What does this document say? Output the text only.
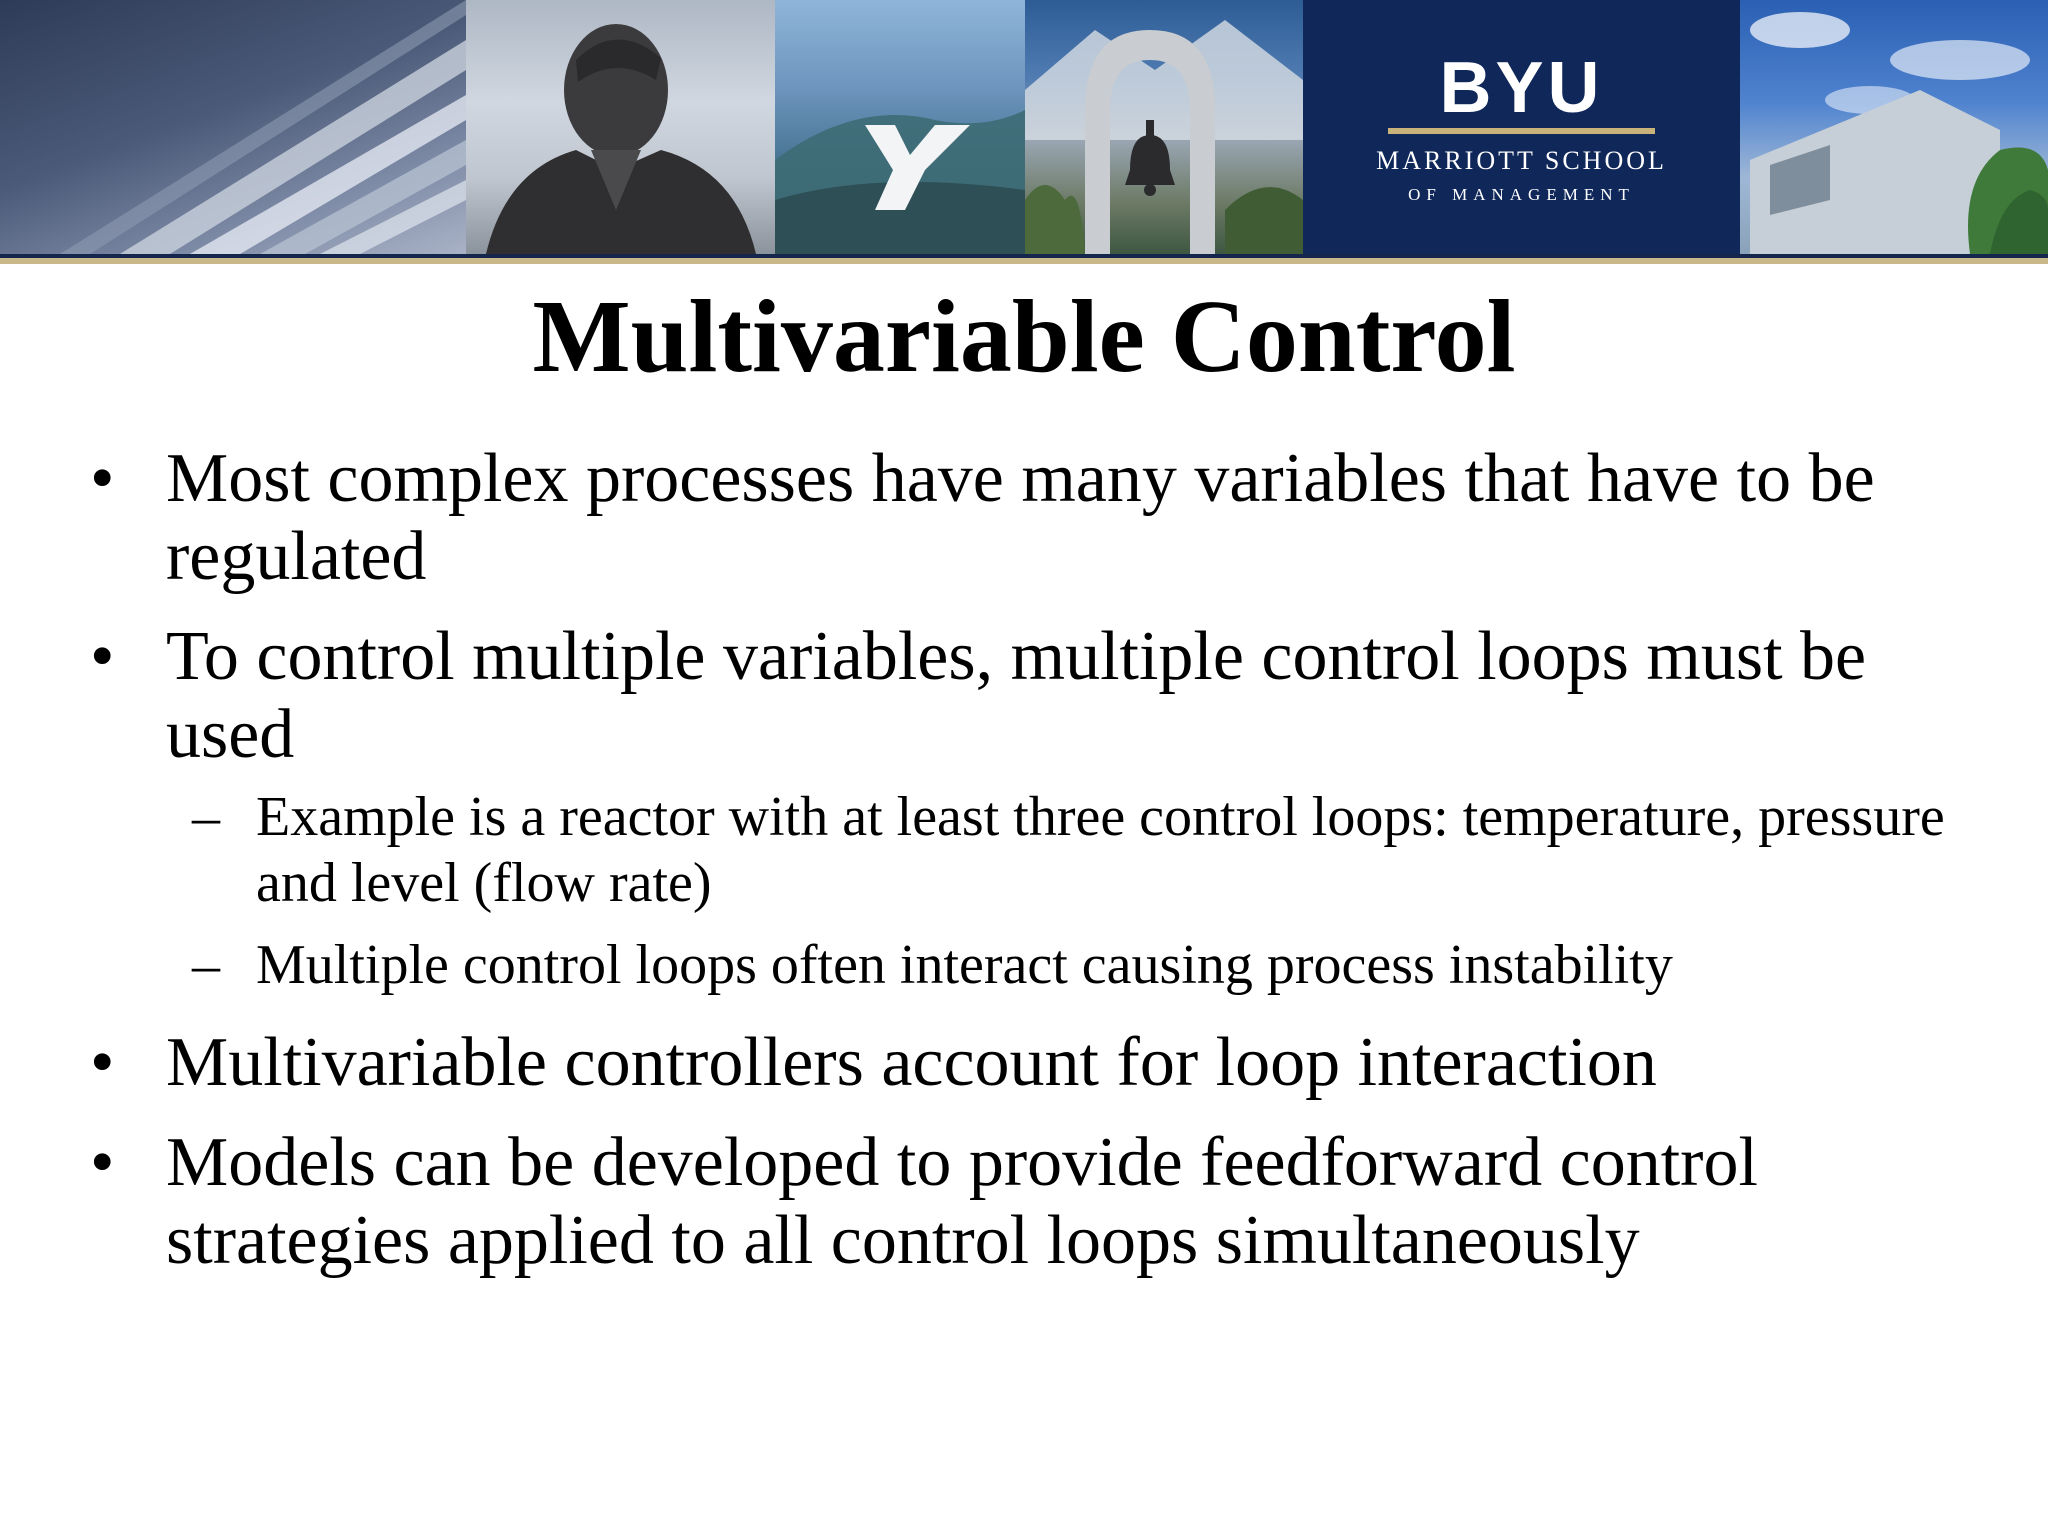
BYU
MARRIOTT SCHOOL
OF MANAGEMENT
Multivariable Control
• Most complex processes have many variables that have to be regulated
• To control multiple variables, multiple control loops must be used
– Example is a reactor with at least three control loops: temperature, pressure and level (flow rate)
– Multiple control loops often interact causing process instability
• Multivariable controllers account for loop interaction
• Models can be developed to provide feedforward control strategies applied to all control loops simultaneously
